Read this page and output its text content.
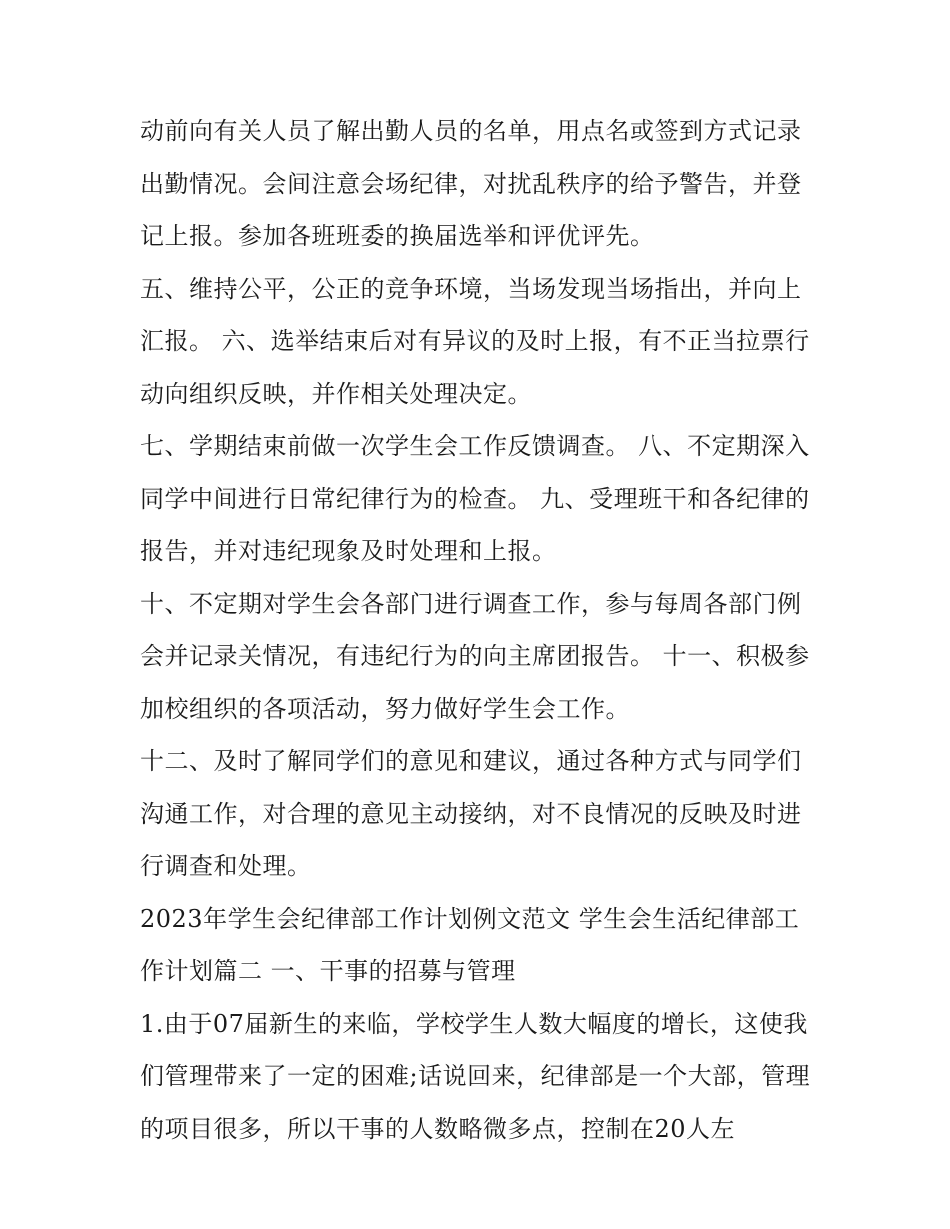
动前向有关人员了解出勤人员的名单，用点名或签到方式记录出勤情况。会间注意会场纪律，对扰乱秩序的给予警告，并登记上报。参加各班班委的换届选举和评优评先。

五、维持公平，公正的竞争环境，当场发现当场指出，并向上汇报。 六、选举结束后对有异议的及时上报，有不正当拉票行动向组织反映，并作相关处理决定。

七、学期结束前做一次学生会工作反馈调查。 八、不定期深入同学中间进行日常纪律行为的检查。 九、受理班干和各纪律的报告，并对违纪现象及时处理和上报。

十、不定期对学生会各部门进行调查工作，参与每周各部门例会并记录关情况，有违纪行为的向主席团报告。 十一、积极参加校组织的各项活动，努力做好学生会工作。

十二、及时了解同学们的意见和建议，通过各种方式与同学们沟通工作，对合理的意见主动接纳，对不良情况的反映及时进行调查和处理。

2023年学生会纪律部工作计划例文范文 学生会生活纪律部工作计划篇二 一、干事的招募与管理

1.由于07届新生的来临，学校学生人数大幅度的增长，这使我们管理带来了一定的困难;话说回来，纪律部是一个大部，管理的项目很多，所以干事的人数略微多点，控制在20人左
